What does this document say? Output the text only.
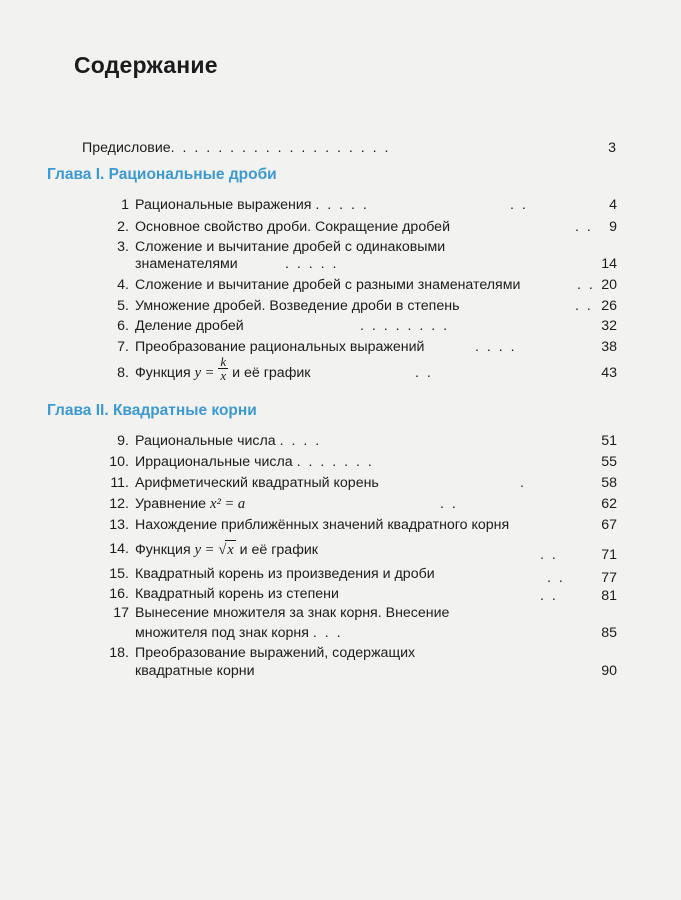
Содержание
Предисловие. . . . . . . . . . . . . . . . . . .	3
Глава I. Рациональные дроби
1 Рациональные выражения . . . . .	. .	4
2. Основное свойство дроби. Сокращение дробей	. .	9
3. Сложение и вычитание дробей с одинаковыми
знаменателями	. . . . .	14
4. Сложение и вычитание дробей с разными знаменателями	. . 20
5. Умножение дробей. Возведение дроби в степень	. . 26
6. Деление дробей	. . . . . . . .	32
7. Преобразование рациональных выражений	. . . .	38
8. Функция $y = \frac{k}{x}$ и её график	. .	43
Глава II. Квадратные корни
9. Рациональные числа . . . .	51
10. Иррациональные числа . . . . . . .	55
11. Арифметический квадратный корень	.	58
12. Уравнение x² = a	. .	62
13. Нахождение приближённых значений квадратного корня	67
14. Функция y = √x и её график	. .	71
15. Квадратный корень из произведения и дроби	. .	77
16. Квадратный корень из степени	. .	81
17 Вынесение множителя за знак корня. Внесение
множителя под знак корня . . .	85
18. Преобразование выражений, содержащих
квадратные корни	90
